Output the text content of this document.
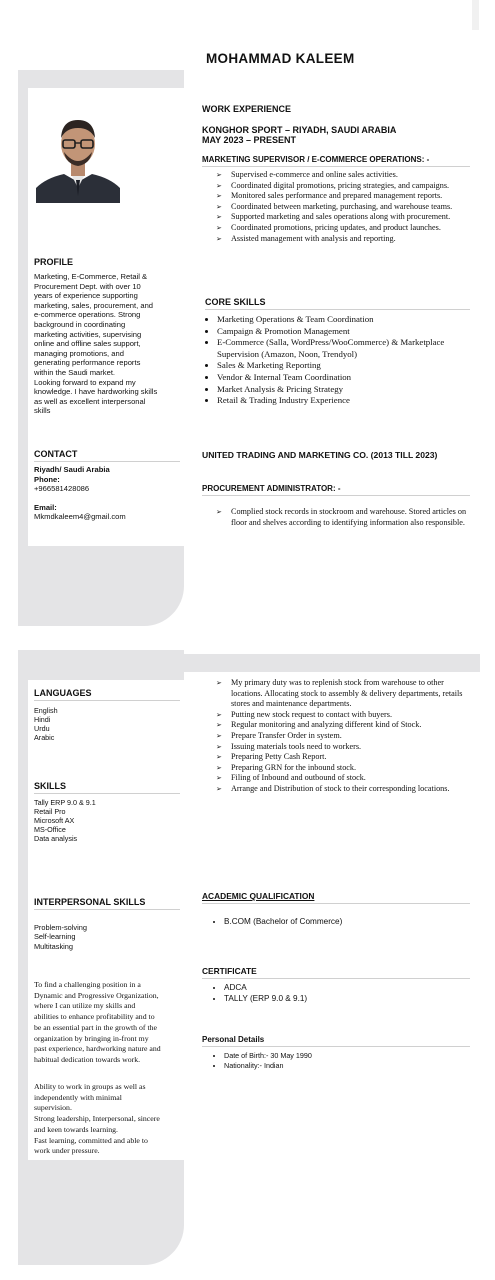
MOHAMMAD KALEEM
PROFILE
Marketing, E-Commerce, Retail &
Procurement Dept. with over 10
years of experience supporting
marketing, sales, procurement, and
e-commerce operations. Strong
background in coordinating
marketing activities, supervising
online and offline sales support,
managing promotions, and
generating performance reports
within the Saudi market.
Looking forward to expand my
knowledge. I have hardworking skills
as well as excellent interpersonal
skills
CONTACT
Riyadh/ Saudi Arabia
Phone:
+966581428086
Email:
Mkmdkaleem4@gmail.com
WORK EXPERIENCE
KONGHOR SPORT – RIYADH, SAUDI ARABIA
MAY 2023 – PRESENT
MARKETING SUPERVISOR / E-COMMERCE OPERATIONS: -
➢ Supervised e-commerce and online sales activities.
➢ Coordinated digital promotions, pricing strategies, and campaigns.
➢ Monitored sales performance and prepared management reports.
➢ Coordinated between marketing, purchasing, and warehouse teams.
➢ Supported marketing and sales operations along with procurement.
➢ Coordinated promotions, pricing updates, and product launches.
➢ Assisted management with analysis and reporting.
CORE SKILLS
• Marketing Operations & Team Coordination
• Campaign & Promotion Management
• E-Commerce (Salla, WordPress/WooCommerce) & Marketplace Supervision (Amazon, Noon, Trendyol)
• Sales & Marketing Reporting
• Vendor & Internal Team Coordination
• Market Analysis & Pricing Strategy
• Retail & Trading Industry Experience
UNITED TRADING AND MARKETING CO. (2013 TILL 2023)
PROCUREMENT ADMINISTRATOR: -
➢ Complied stock records in stockroom and warehouse. Stored articles on floor and shelves according to identifying information also responsible.
LANGUAGES
English
Hindi
Urdu
Arabic
SKILLS
Tally ERP 9.0 & 9.1
Retail Pro
Microsoft AX
MS-Office
Data analysis
INTERPERSONAL SKILLS
Problem-solving
Self-learning
Multitasking
To find a challenging position in a
Dynamic and Progressive Organization,
where I can utilize my skills and
abilities to enhance profitability and to
be an essential part in the growth of the
organization by bringing in-front my
past experience, hardworking nature and
habitual dedication towards work.
Ability to work in groups as well as
independently with minimal
supervision.
Strong leadership, Interpersonal, sincere
and keen towards learning.
Fast learning, committed and able to
work under pressure.
➢ My primary duty was to replenish stock from warehouse to other locations. Allocating stock to assembly & delivery departments, retails stores and maintenance departments.
➢ Putting new stock request to contact with buyers.
➢ Regular monitoring and analyzing different kind of Stock.
➢ Prepare Transfer Order in system.
➢ Issuing materials tools need to workers.
➢ Preparing Petty Cash Report.
➢ Preparing GRN for the inbound stock.
➢ Filing of Inbound and outbound of stock.
➢ Arrange and Distribution of stock to their corresponding locations.
ACADEMIC QUALIFICATION
• B.COM (Bachelor of Commerce)
CERTIFICATE
• ADCA
• TALLY (ERP 9.0 & 9.1)
Personal Details
• Date of Birth:- 30 May 1990
• Nationality:- Indian
